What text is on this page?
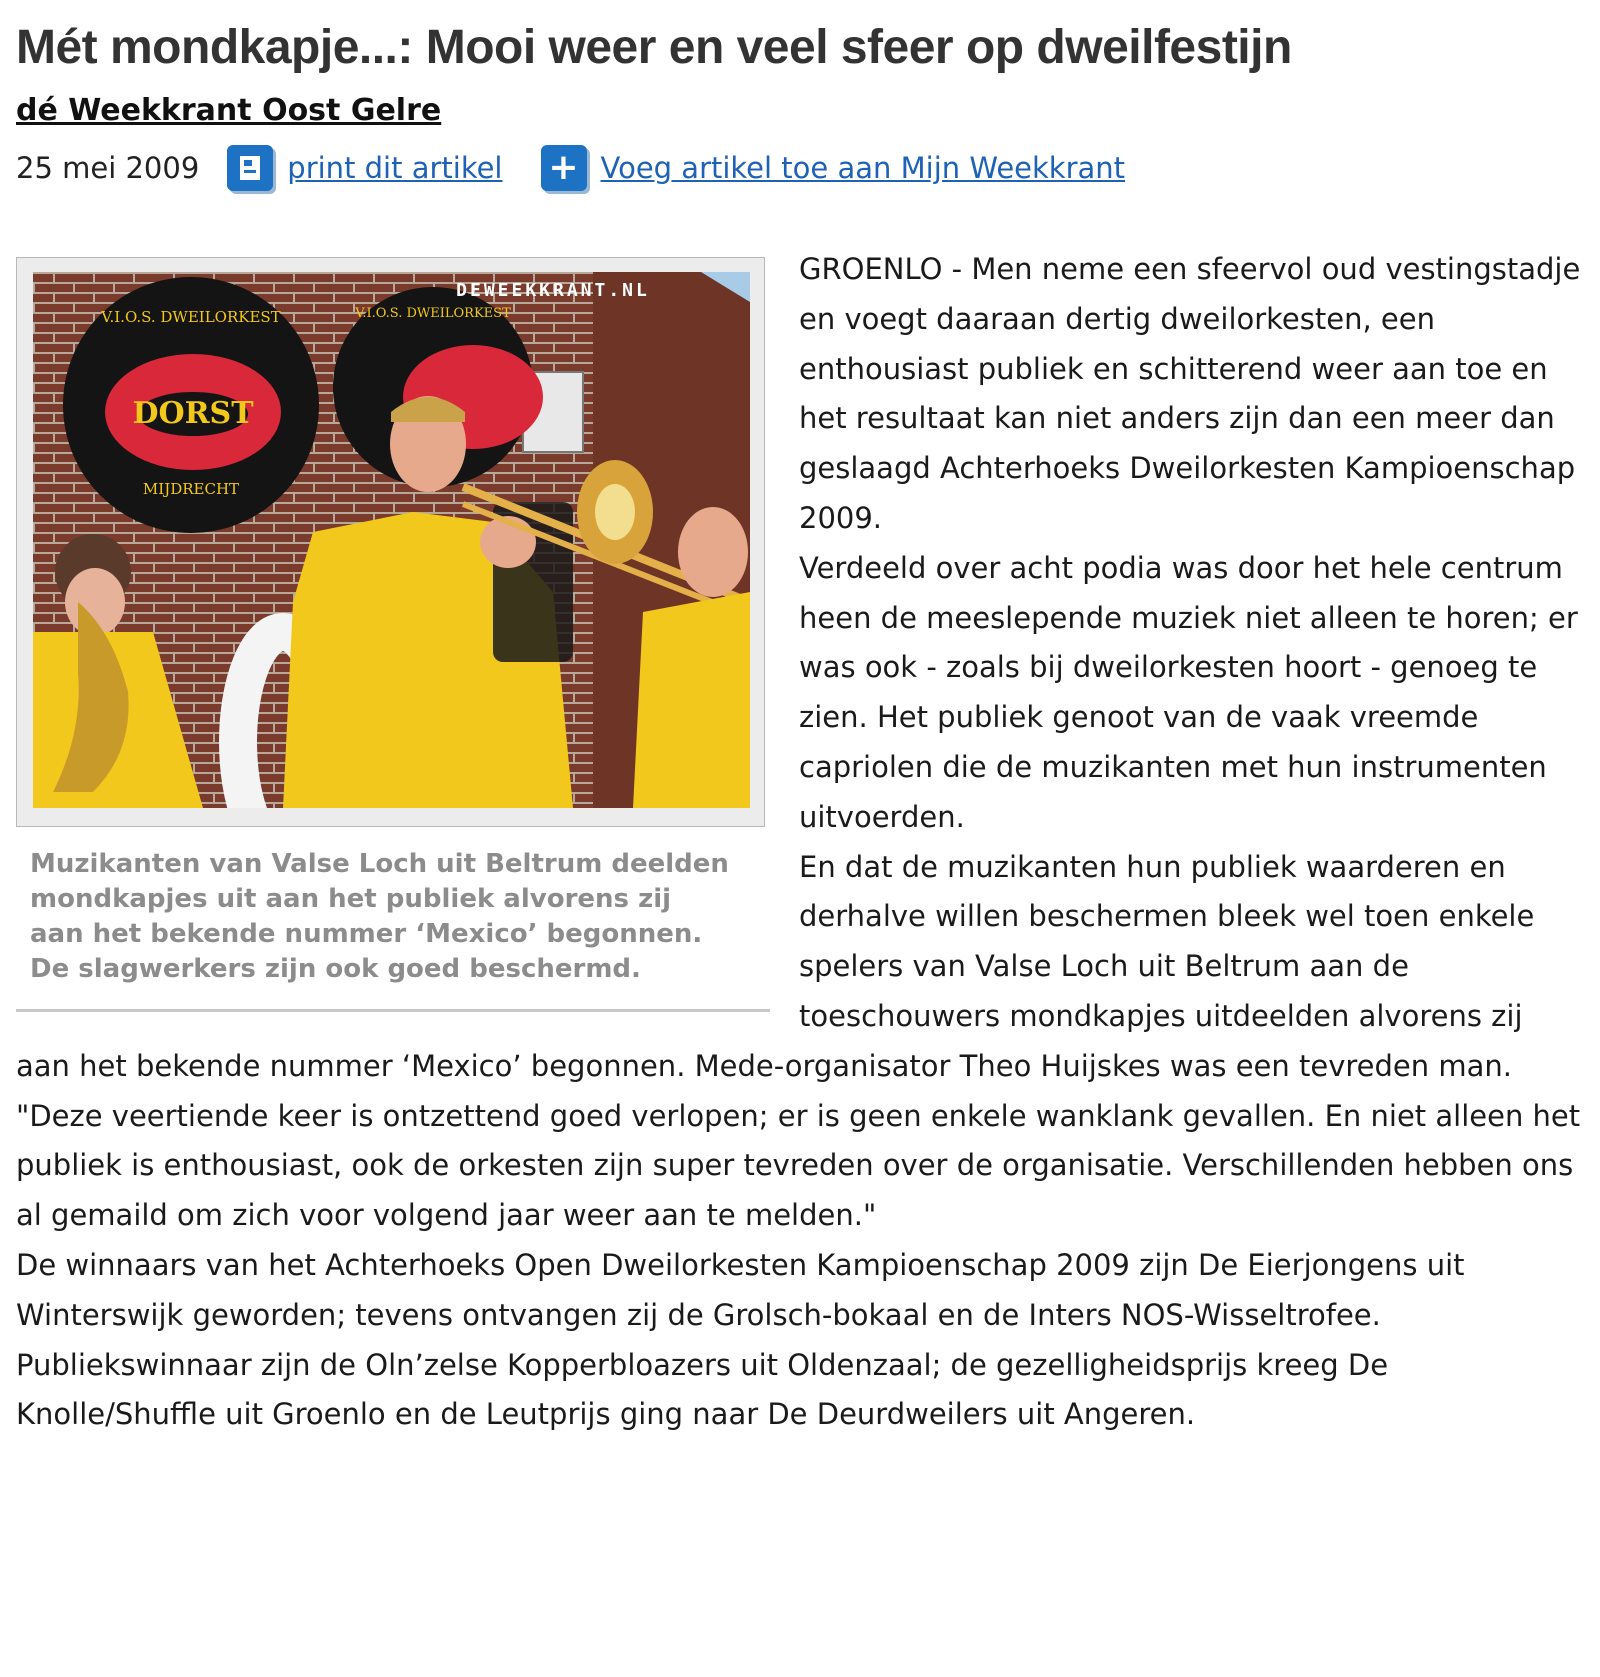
Mét mondkapje...: Mooi weer en veel sfeer op dweilfestijn
dé Weekkrant Oost Gelre
25 mei 2009	print dit artikel + Voeg artikel toe aan Mijn Weekkrant
DORST
V.I.O.S. DWEILORKEST
MIJDRECHT
V.I.O.S. DWEILORKEST
DEWEEKKRANT.NL
Muzikanten van Valse Loch uit Beltrum deelden mondkapjes uit aan het publiek alvorens zij aan het bekende nummer ‘Mexico’ begonnen. De slagwerkers zijn ook goed beschermd.

GROENLO - Men neme een sfeervol oud vestingstadje en voegt daaraan dertig dweilorkesten, een enthousiast publiek en schitterend weer aan toe en het resultaat kan niet anders zijn dan een meer dan geslaagd Achterhoeks Dweilorkesten Kampioenschap 2009.

Verdeeld over acht podia was door het hele centrum heen de meeslepende muziek niet alleen te horen; er was ook - zoals bij dweilorkesten hoort - genoeg te zien. Het publiek genoot van de vaak vreemde capriolen die de muzikanten met hun instrumenten uitvoerden.

En dat de muzikanten hun publiek waarderen en derhalve willen beschermen bleek wel toen enkele spelers van Valse Loch uit Beltrum aan de toeschouwers mondkapjes uitdeelden alvorens zij aan het bekende nummer ‘Mexico’ begonnen. Mede-organisator Theo Huijskes was een tevreden man. "Deze veertiende keer is ontzettend goed verlopen; er is geen enkele wanklank gevallen. En niet alleen het publiek is enthousiast, ook de orkesten zijn super tevreden over de organisatie. Verschillenden hebben ons al gemaild om zich voor volgend jaar weer aan te melden."

De winnaars van het Achterhoeks Open Dweilorkesten Kampioenschap 2009 zijn De Eierjongens uit Winterswijk geworden; tevens ontvangen zij de Grolsch-bokaal en de Inters NOS-Wisseltrofee. Publiekswinnaar zijn de Oln’zelse Kopperbloazers uit Oldenzaal; de gezelligheidsprijs kreeg De Knolle/Shuffle uit Groenlo en de Leutprijs ging naar De Deurdweilers uit Angeren.
